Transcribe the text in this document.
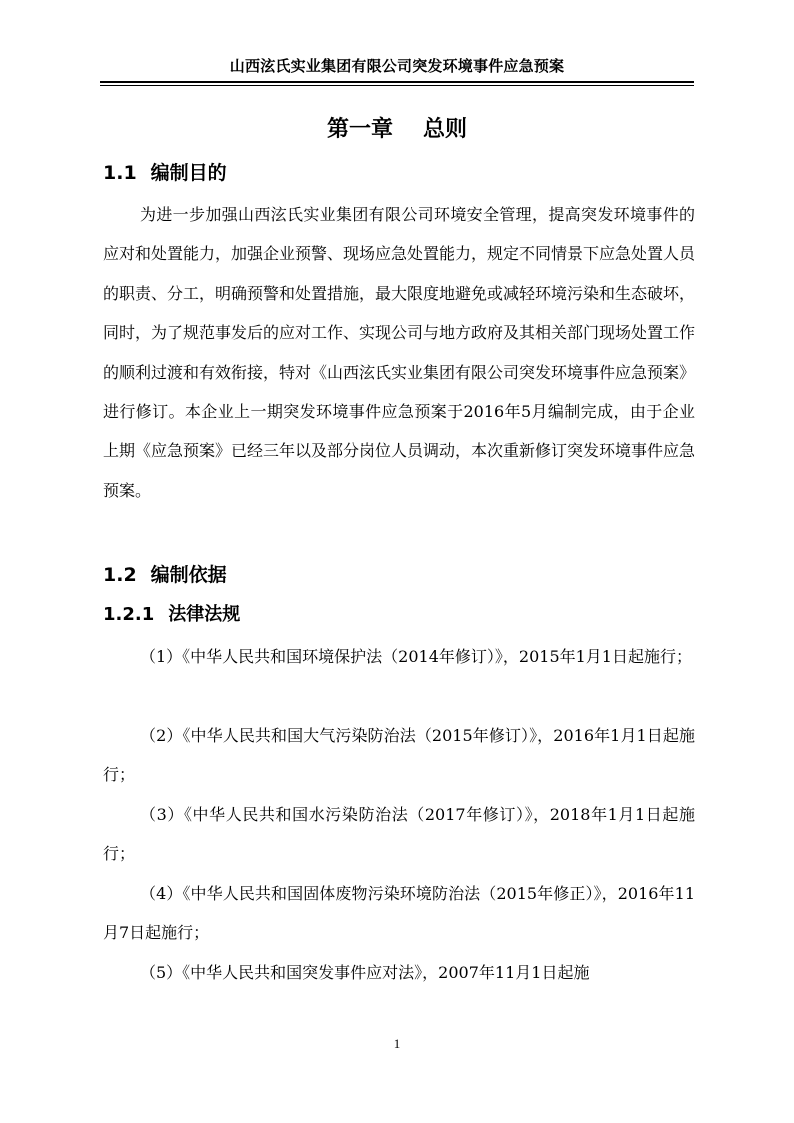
山西泫氏实业集团有限公司突发环境事件应急预案
第一章 总则
1.1 编制目的

为进一步加强山西泫氏实业集团有限公司环境安全管理，提高突发环境事件的应对和处置能力，加强企业预警、现场应急处置能力，规定不同情景下应急处置人员的职责、分工，明确预警和处置措施，最大限度地避免或减轻环境污染和生态破坏，同时，为了规范事发后的应对工作、实现公司与地方政府及其相关部门现场处置工作的顺利过渡和有效衔接，特对《山西泫氏实业集团有限公司突发环境事件应急预案》进行修订。本企业上一期突发环境事件应急预案于2016年5月编制完成，由于企业上期《应急预案》已经三年以及部分岗位人员调动，本次重新修订突发环境事件应急预案。

1.2 编制依据
1.2.1 法律法规

（1）《中华人民共和国环境保护法（2014年修订）》，2015年1月1日起施行；

（2）《中华人民共和国大气污染防治法（2015年修订）》，2016年1月1日起施行；

（3）《中华人民共和国水污染防治法（2017年修订）》，2018年1月1日起施行；

（4）《中华人民共和国固体废物污染环境防治法（2015年修正）》，2016年11月7日起施行；

（5）《中华人民共和国突发事件应对法》，2007年11月1日起施

1
